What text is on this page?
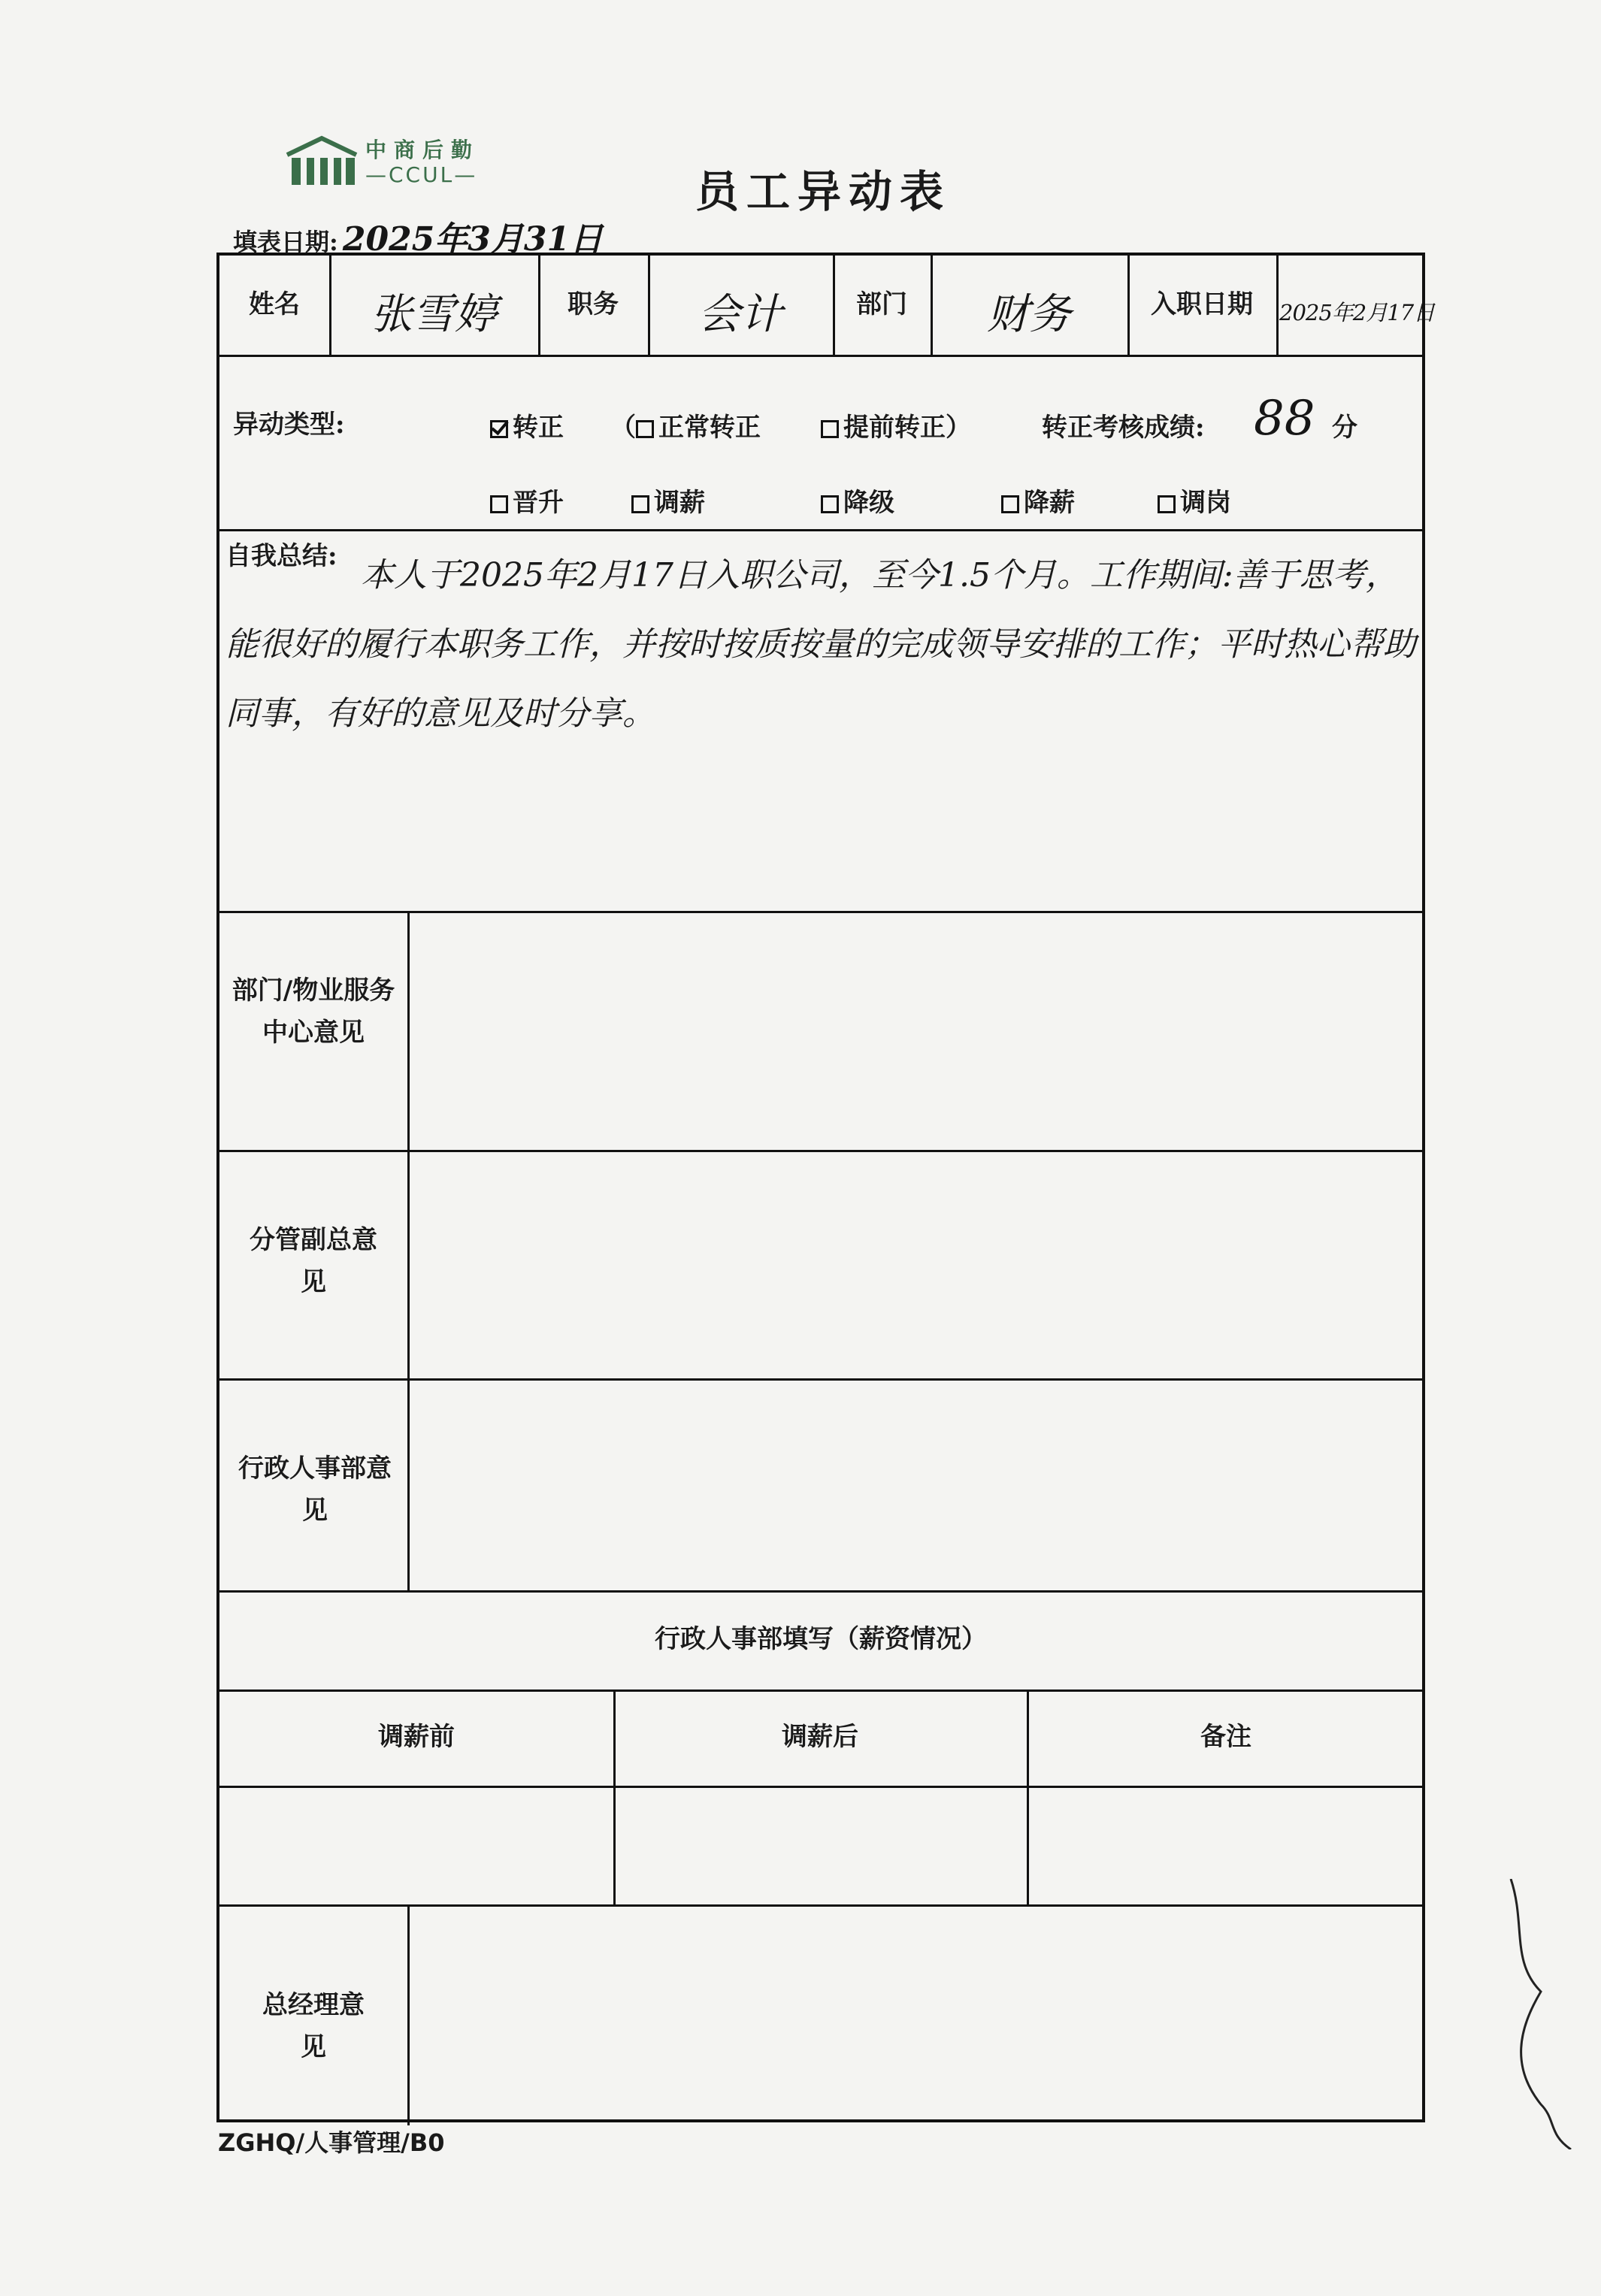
中商后勤
—CCUL—	员工异动表
填表日期: 2025年3月31日
姓名	张雪婷	职务	会计	部门	财务	入职日期	2025年2月17日
异动类型:	转正 （ 正常转正	提前转正）	转正考核成绩: 88 分
晋升	调薪	降级	降薪	调岗
自我总结: 本人于2025年2月17日入职公司，至今1.5个月。工作期间:善于思考，能很好的履行本职务工作，并按时按质按量的完成领导安排的工作；平时热心帮助同事，有好的意见及时分享。
部门/物业服务中心意见
分管副总意 见
行政人事部意见
行政人事部填写（薪资情况）
调薪前	调薪后	备注
总经理意 见
ZGHQ/人事管理/B0
